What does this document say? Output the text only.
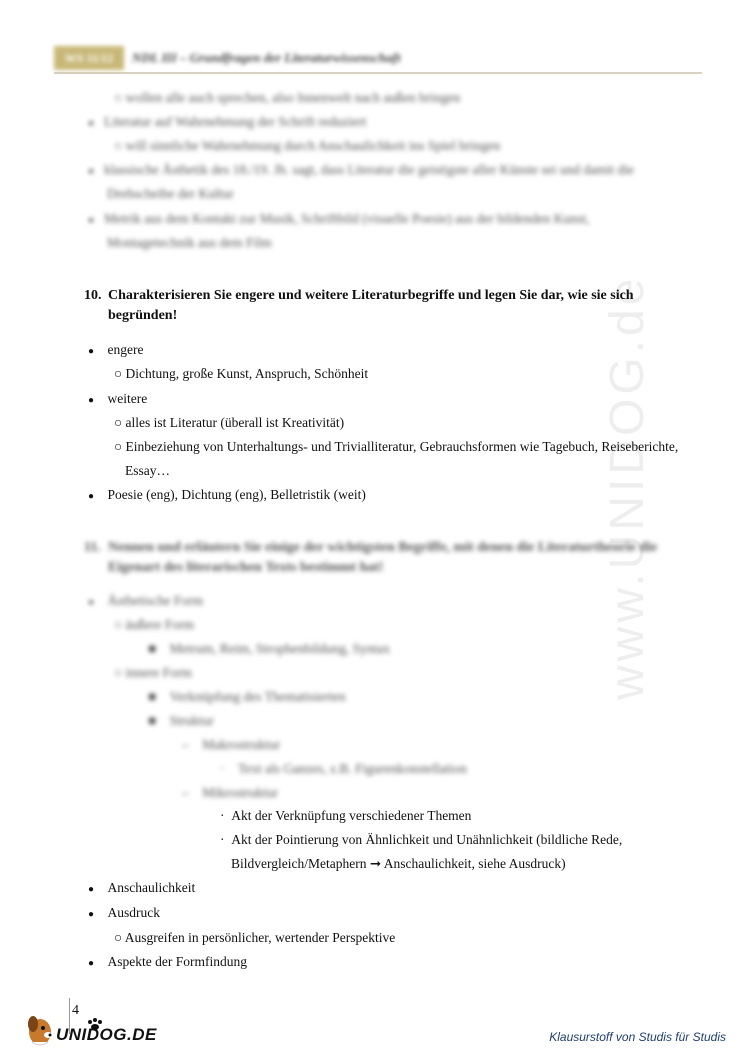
WS 11/12	NDL III – Grundfragen der Literaturwissenschaft
www.UNIDOG.de
○ wollen alle auch sprechen, also Innenwelt nach außen bringen
● Literatur auf Wahrnehmung der Schrift reduziert
○ will sinnliche Wahrnehmung durch Anschaulichkeit ins Spiel bringen
● klassische Ästhetik des 18./19. Jh. sagt, dass Literatur die geistigste aller Künste sei und damit die
Drehscheibe der Kultur
● Metrik aus dem Kontakt zur Musik, Schriftbild (visuelle Poesie) aus der bildenden Kunst,
Montagetechnik aus dem Film
10. Charakterisieren Sie engere und weitere Literaturbegriffe und legen Sie dar, wie sie sich
begründen!
● engere
○ Dichtung, große Kunst, Anspruch, Schönheit
● weitere
○ alles ist Literatur (überall ist Kreativität)
○ Einbeziehung von Unterhaltungs- und Trivialliteratur, Gebrauchsformen wie Tagebuch, Reiseberichte,
Essay…
● Poesie (eng), Dichtung (eng), Belletristik (weit)
11. Nennen und erläutern Sie einige der wichtigsten Begriffe, mit denen die Literaturtheorie die
Eigenart des literarischen Texts bestimmt hat!
● Ästhetische Form
○ äußere Form
■    Metrum, Reim, Strophenbildung, Syntax
○ innere Form
■    Verknüpfung des Thematisierten
■    Struktur
–    Makrostruktur
·    Text als Ganzes, z.B. Figurenkonstellation
–    Mikrostruktur
·  Akt der Verknüpfung verschiedener Themen
·  Akt der Pointierung von Ähnlichkeit und Unähnlichkeit (bildliche Rede,
Bildvergleich/Metaphern ➞ Anschaulichkeit, siehe Ausdruck)
● Anschaulichkeit
● Ausdruck
○ Ausgreifen in persönlicher, wertender Perspektive
● Aspekte der Formfindung
4
UNIDOG.DE	Klausurstoff von Studis für Studis
